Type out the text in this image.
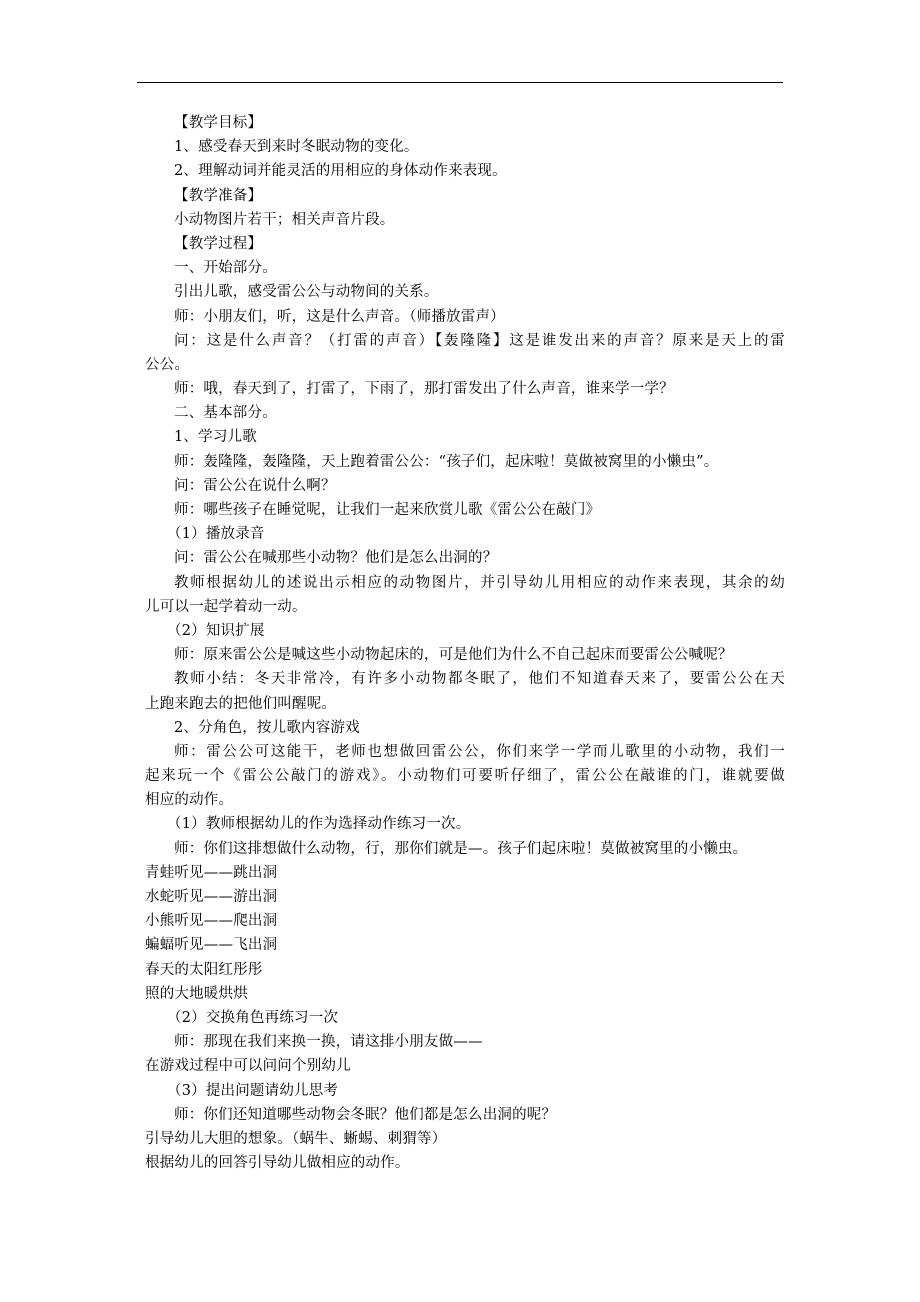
【教学目标】
1、感受春天到来时冬眠动物的变化。
2、理解动词并能灵活的用相应的身体动作来表现。
【教学准备】
小动物图片若干；相关声音片段。
【教学过程】
一、开始部分。
引出儿歌，感受雷公公与动物间的关系。
师：小朋友们，听，这是什么声音。（师播放雷声）
问：这是什么声音？（打雷的声音）【轰隆隆】这是谁发出来的声音？原来是天上的雷
公公。
师：哦，春天到了，打雷了，下雨了，那打雷发出了什么声音，谁来学一学？
二、基本部分。
1、学习儿歌
师：轰隆隆，轰隆隆，天上跑着雷公公：“孩子们，起床啦！莫做被窝里的小懒虫”。
问：雷公公在说什么啊？
师：哪些孩子在睡觉呢，让我们一起来欣赏儿歌《雷公公在敲门》
（1）播放录音
问：雷公公在喊那些小动物？他们是怎么出洞的？
教师根据幼儿的述说出示相应的动物图片，并引导幼儿用相应的动作来表现，其余的幼
儿可以一起学着动一动。
（2）知识扩展
师：原来雷公公是喊这些小动物起床的，可是他们为什么不自己起床而要雷公公喊呢？
教师小结：冬天非常冷，有许多小动物都冬眠了，他们不知道春天来了，要雷公公在天
上跑来跑去的把他们叫醒呢。
2、分角色，按儿歌内容游戏
师：雷公公可这能干，老师也想做回雷公公，你们来学一学而儿歌里的小动物，我们一
起来玩一个《雷公公敲门的游戏》。小动物们可要听仔细了，雷公公在敲谁的门，谁就要做
相应的动作。
（1）教师根据幼儿的作为选择动作练习一次。
师：你们这排想做什么动物，行，那你们就是—。孩子们起床啦！莫做被窝里的小懒虫。
青蛙听见——跳出洞
水蛇听见——游出洞
小熊听见——爬出洞
蝙蝠听见——飞出洞
春天的太阳红彤彤
照的大地暖烘烘
（2）交换角色再练习一次
师：那现在我们来换一换，请这排小朋友做——
在游戏过程中可以问问个别幼儿
（3）提出问题请幼儿思考
师：你们还知道哪些动物会冬眠？他们都是怎么出洞的呢？
引导幼儿大胆的想象。（蜗牛、蜥蜴、刺猬等）
根据幼儿的回答引导幼儿做相应的动作。
